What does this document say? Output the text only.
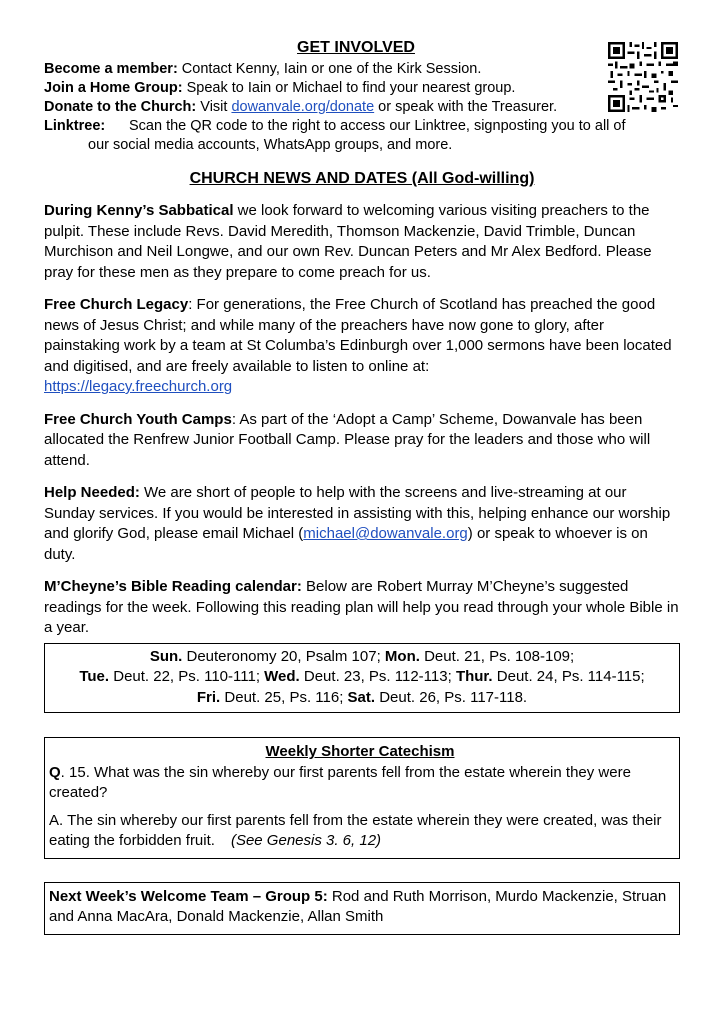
GET INVOLVED
Become a member: Contact Kenny, Iain or one of the Kirk Session.
Join a Home Group: Speak to Iain or Michael to find your nearest group.
Donate to the Church: Visit dowanvale.org/donate or speak with the Treasurer.
Linktree: Scan the QR code to the right to access our Linktree, signposting you to all of
our social media accounts, WhatsApp groups, and more.
CHURCH NEWS AND DATES (All God-willing)
During Kenny’s Sabbatical we look forward to welcoming various visiting preachers to the pulpit. These include Revs. David Meredith, Thomson Mackenzie, David Trimble, Duncan Murchison and Neil Longwe, and our own Rev. Duncan Peters and Mr Alex Bedford. Please pray for these men as they prepare to come preach for us.
Free Church Legacy: For generations, the Free Church of Scotland has preached the good news of Jesus Christ; and while many of the preachers have now gone to glory, after painstaking work by a team at St Columba’s Edinburgh over 1,000 sermons have been located and digitised, and are freely available to listen to online at:
https://legacy.freechurch.org
Free Church Youth Camps: As part of the ‘Adopt a Camp’ Scheme, Dowanvale has been allocated the Renfrew Junior Football Camp. Please pray for the leaders and those who will attend.
Help Needed: We are short of people to help with the screens and live-streaming at our Sunday services. If you would be interested in assisting with this, helping enhance our worship and glorify God, please email Michael (michael@dowanvale.org) or speak to whoever is on duty.
M’Cheyne’s Bible Reading calendar: Below are Robert Murray M’Cheyne’s suggested readings for the week. Following this reading plan will help you read through your whole Bible in a year.
Sun. Deuteronomy 20, Psalm 107; Mon. Deut. 21, Ps. 108-109;
Tue. Deut. 22, Ps. 110-111; Wed. Deut. 23, Ps. 112-113; Thur. Deut. 24, Ps. 114-115;
Fri. Deut. 25, Ps. 116; Sat. Deut. 26, Ps. 117-118.
Weekly Shorter Catechism
Q. 15. What was the sin whereby our first parents fell from the estate wherein they were created?
A. The sin whereby our first parents fell from the estate wherein they were created, was their eating the forbidden fruit. (See Genesis 3. 6, 12)
Next Week’s Welcome Team – Group 5: Rod and Ruth Morrison, Murdo Mackenzie, Struan and Anna MacAra, Donald Mackenzie, Allan Smith
